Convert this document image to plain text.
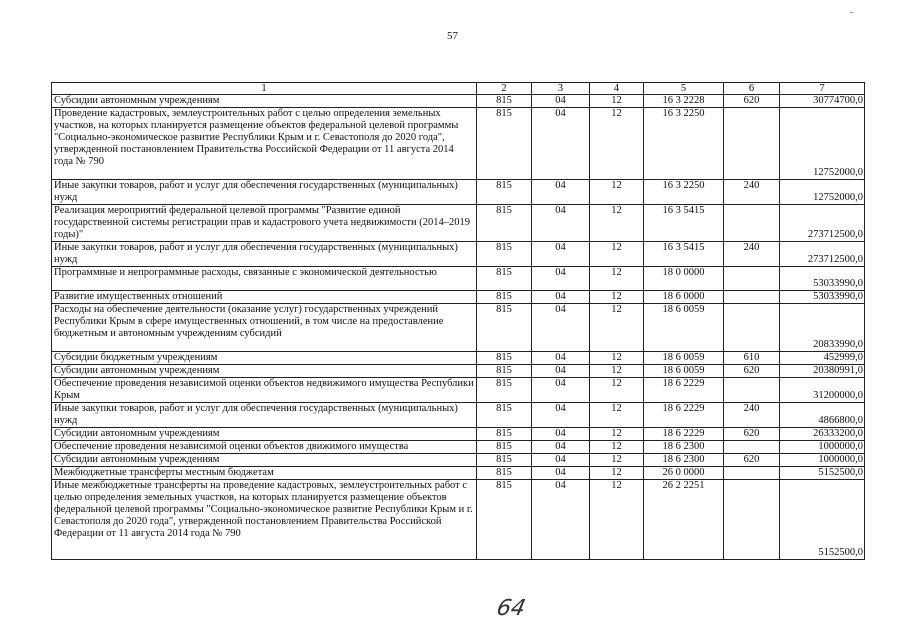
57
1	2	3	4	5	6	7
Субсидии автономным учреждениям	815	04	12	16 3 2228	620	30774700,0
Проведение кадастровых, землеустроительных работ с целью определения земельных участков, на которых планируется размещение объектов федеральной целевой программы "Социально-экономическое развитие Республики Крым и г. Севастополя до 2020 года", утвержденной постановлением Правительства Российской Федерации от 11 августа 2014 года № 790	815	04	12	16 3 2250		12752000,0
Иные закупки товаров, работ и услуг для обеспечения государственных (муниципальных) нужд	815	04	12	16 3 2250	240	12752000,0
Реализация мероприятий федеральной целевой программы "Развитие единой государственной системы регистрации прав и кадастрового учета недвижимости (2014–2019 годы)"	815	04	12	16 3 5415		273712500,0
Иные закупки товаров, работ и услуг для обеспечения государственных (муниципальных) нужд	815	04	12	16 3 5415	240	273712500,0
Программные и непрограммные расходы, связанные с экономической деятельностью	815	04	12	18 0 0000		53033990,0
Развитие имущественных отношений	815	04	12	18 6 0000		53033990,0
Расходы на обеспечение деятельности (оказание услуг) государственных учреждений Республики Крым в сфере имущественных отношений, в том числе на предоставление бюджетным и автономным учреждениям субсидий	815	04	12	18 6 0059		20833990,0
Субсидии бюджетным учреждениям	815	04	12	18 6 0059	610	452999,0
Субсидии автономным учреждениям	815	04	12	18 6 0059	620	20380991,0
Обеспечение проведения независимой оценки объектов недвижимого имущества Республики Крым	815	04	12	18 6 2229		31200000,0
Иные закупки товаров, работ и услуг для обеспечения государственных (муниципальных) нужд	815	04	12	18 6 2229	240	4866800,0
Субсидии автономным учреждениям	815	04	12	18 6 2229	620	26333200,0
Обеспечение проведения независимой оценки объектов движимого имущества	815	04	12	18 6 2300		1000000,0
Субсидии автономным учреждениям	815	04	12	18 6 2300	620	1000000,0
Межбюджетные трансферты местным бюджетам	815	04	12	26 0 0000		5152500,0
Иные межбюджетные трансферты на проведение кадастровых, землеустроительных работ с целью определения земельных участков, на которых планируется размещение объектов федеральной целевой программы "Социально-экономическое развитие Республики Крым и г. Севастополя до 2020 года", утвержденной постановлением Правительства Российской Федерации от 11 августа 2014 года № 790	815	04	12	26 2 2251		5152500,0
64
